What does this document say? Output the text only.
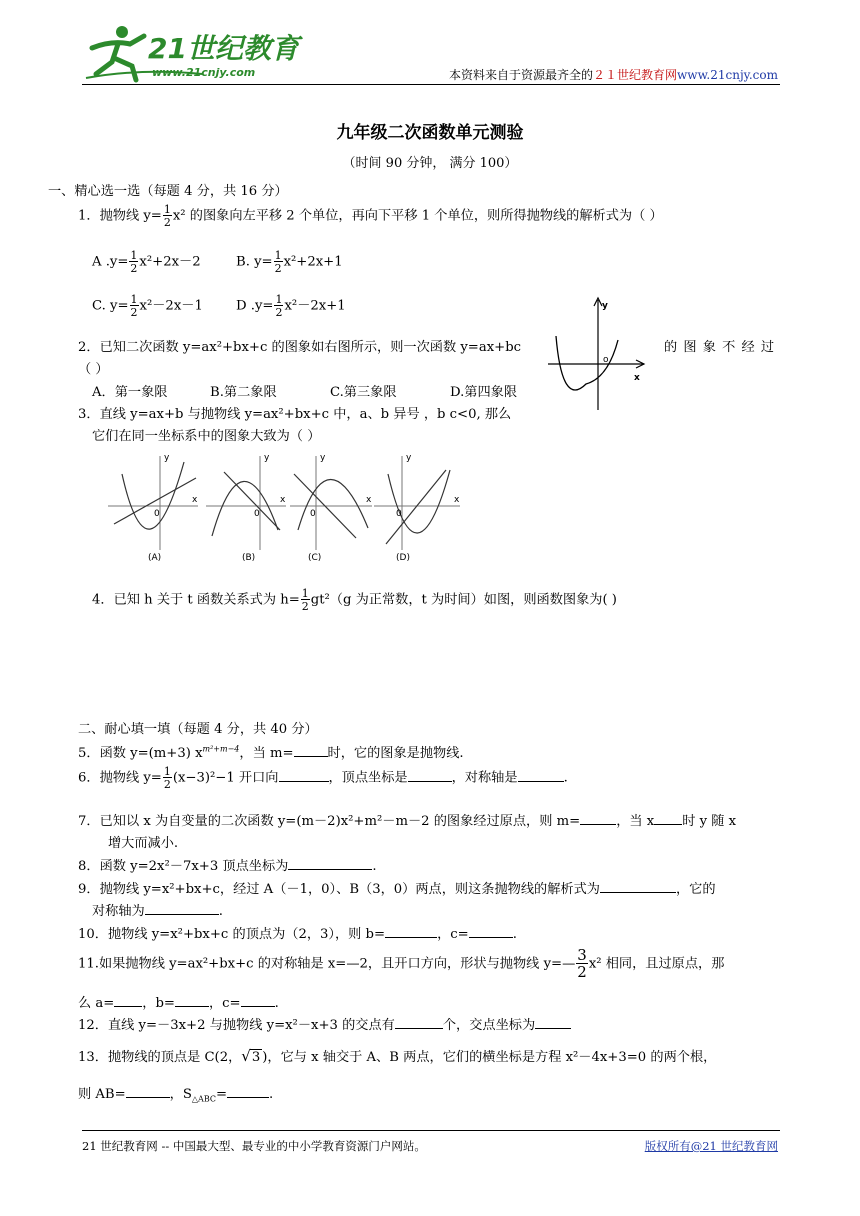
21世纪教育
www.21cnjy.com	本资料来自于资源最齐全的２１世纪教育网www.21cnjy.com
九年级二次函数单元测验
（时间 90 分钟， 满分 100）
一、精心选一选（每题 4 分，共 16 分）
1．抛物线 $y= \frac{1}{2} x^2$ 的图象向左平移 2 个单位，再向下平移 1 个单位，则所得抛物线的解析式为（ ）
A $.y= \frac{1}{2} x^2+2x-2$	B. $y= \frac{1}{2} x^2+2x+1$
C. $y= \frac{1}{2} x^2-2x-1$	D $.y= \frac{1}{2} x^2-2x+1$	y
x
o
2．已知二次函数 y=ax²+bx+c 的图象如右图所示，则一次函数 y=ax+bc	的 图 象 不 经 过
（ ）
A．第一象限	B.第二象限	C.第三象限	D.第四象限
3．直线 y=ax+b 与抛物线 y=ax²+bx+c 中，a、b 异号 ，b c<0, 那么
它们在同一坐标系中的图象大致为（ ）
y
x
0
(A)
y
x
0
(B)
y
x
0
(C)
y
x
0
(D)
4．已知 h 关于 t 函数关系式为 $h= \frac{1}{2} gt^2(g$ 为正常数，t 为时间）如图，则函数图象为( )
二、耐心填一填（每题 4 分，共 40 分）
5．函数 y=(m+3) $x^{m^2+m-4}$，当 m=	时，它的图象是抛物线.
6．抛物线 $y= \frac{1}{2} (x-3)^2-1$ 开口向	，顶点坐标是	，对称轴是	.
7．已知以 x 为自变量的二次函数 y=(m－2)x²+m²－m－2 的图象经过原点，则 m=	，当 x 时 y 随 x
增大而减小.
8．函数 y=2x²－7x+3 顶点坐标为	.
9．抛物线 y=x²+bx+c，经过 A（－1，0）、B（3，0）两点，则这条抛物线的解析式为	，它的
对称轴为	.
10．抛物线 y=x²+bx+c 的顶点为（2，3），则 b=	，c=	.
11.如果抛物线 y=ax²+bx+c 的对称轴是 x=—2，且开口方向，形状与抛物线 y=— $\frac{3}{2} x^2$ 相同，且过原点，那
么 a= ，b=	，c=	.
12．直线 y=－3x+2 与抛物线 y=x²－x+3 的交点有	个，交点坐标为
13．抛物线的顶点是 C(2，√3 )，它与 x 轴交于 A、B 两点，它们的横坐标是方程 x²－4x+3=0 的两个根，
则 AB=	，$S_{\triangle ABC}=$	.
21 世纪教育网 -- 中国最大型、最专业的中小学教育资源门户网站。	版权所有@21 世纪教育网
